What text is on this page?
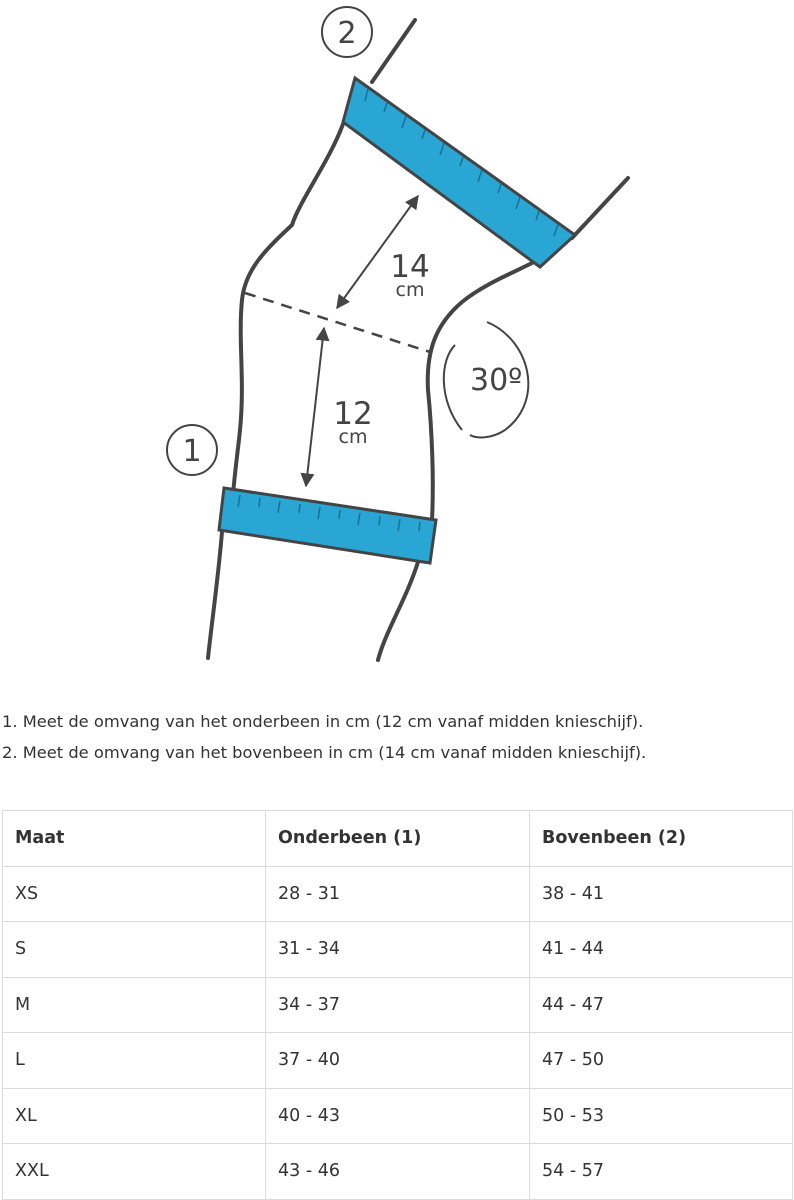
2
1
14
cm
12
cm
30º

1. Meet de omvang van het onderbeen in cm (12 cm vanaf midden knieschijf).

2. Meet de omvang van het bovenbeen in cm (14 cm vanaf midden knieschijf).

Maat	Onderbeen (1)	Bovenbeen (2)
XS	28 - 31	38 - 41
S	31 - 34	41 - 44
M	34 - 37	44 - 47
L	37 - 40	47 - 50
XL	40 - 43	50 - 53
XXL	43 - 46	54 - 57
